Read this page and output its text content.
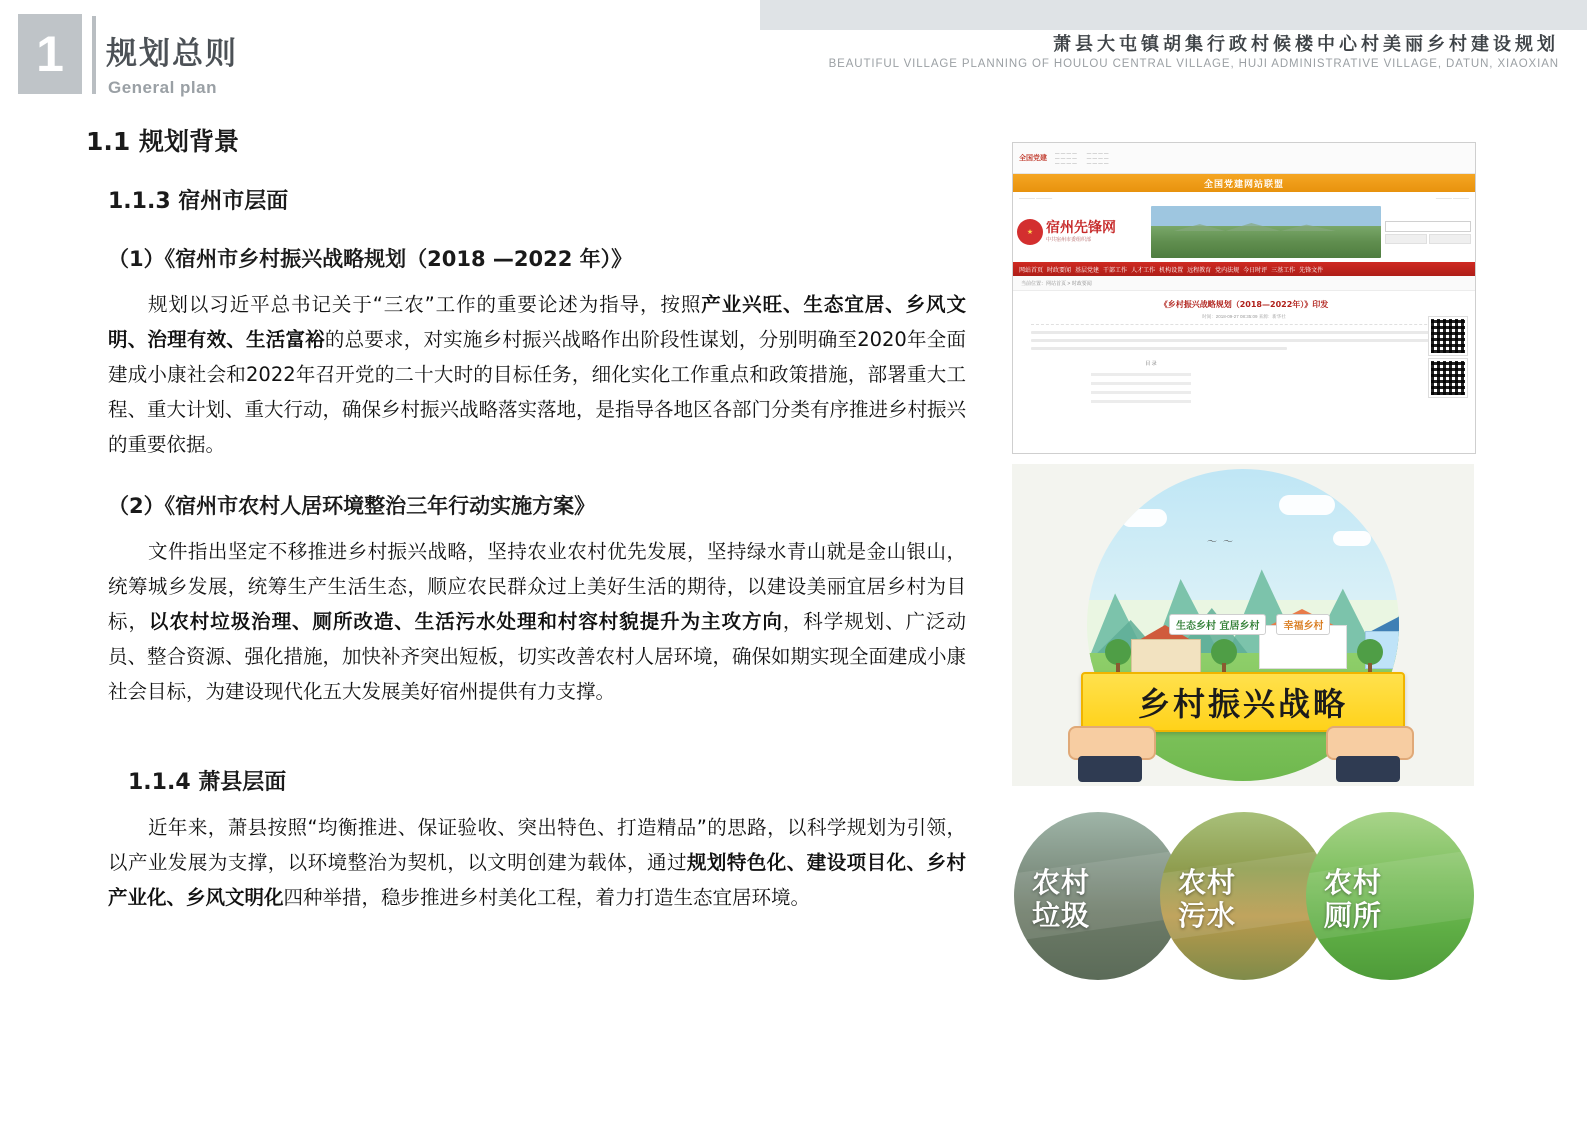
1	规划总则
General plan
萧县大屯镇胡集行政村候楼中心村美丽乡村建设规划
BEAUTIFUL VILLAGE PLANNING OF HOULOU CENTRAL VILLAGE, HUJI ADMINISTRATIVE VILLAGE, DATUN, XIAOXIAN
1.1 规划背景
1.1.3 宿州市层面
（1）《宿州市乡村振兴战略规划（2018 —2022 年）》

规划以习近平总书记关于“三农”工作的重要论述为指导，按照产业兴旺、生态宜居、乡风文明、治理有效、生活富裕的总要求，对实施乡村振兴战略作出阶段性谋划，分别明确至2020年全面建成小康社会和2022年召开党的二十大时的目标任务，细化实化工作重点和政策措施，部署重大工程、重大计划、重大行动，确保乡村振兴战略落实落地，是指导各地区各部门分类有序推进乡村振兴的重要依据。

（2）《宿州市农村人居环境整治三年行动实施方案》

文件指出坚定不移推进乡村振兴战略，坚持农业农村优先发展，坚持绿水青山就是金山银山，统筹城乡发展，统筹生产生活生态，顺应农民群众过上美好生活的期待，以建设美丽宜居乡村为目标，以农村垃圾治理、厕所改造、生活污水处理和村容村貌提升为主攻方向，科学规划、广泛动员、整合资源、强化措施，加快补齐突出短板，切实改善农村人居环境，确保如期实现全面建成小康社会目标，为建设现代化五大发展美好宿州提供有力支撑。

1.1.4 萧县层面

近年来，萧县按照“均衡推进、保证验收、突出特色、打造精品”的思路，以科学规划为引领，以产业发展为支撑，以环境整治为契机，以文明创建为载体，通过规划特色化、建设项目化、乡村产业化、乡风文明化四种举措，稳步推进乡村美化工程，着力打造生态宜居环境。

全国党建
— — — —
— — — —
— — — —
— — — —
— — — —
— — — —
全国党建网站联盟
———— ————	———— ————
★ 宿州先锋网
中共宿州市委组织部
网站首页 时政要闻 基层党建 干部工作 人才工作 机构设置 远程教育 党内法规 今日时评 三基工作 先锋文件
当前位置：网站首页 > 时政要闻
《乡村振兴战略规划（2018—2022年）》印发
时间：2018-09-27 08:35:09 来源：新华社
目 录
〜〜
生态乡村 宜居乡村	幸福乡村
乡村振兴战略
农村
垃圾
农村
污水
农村
厕所
